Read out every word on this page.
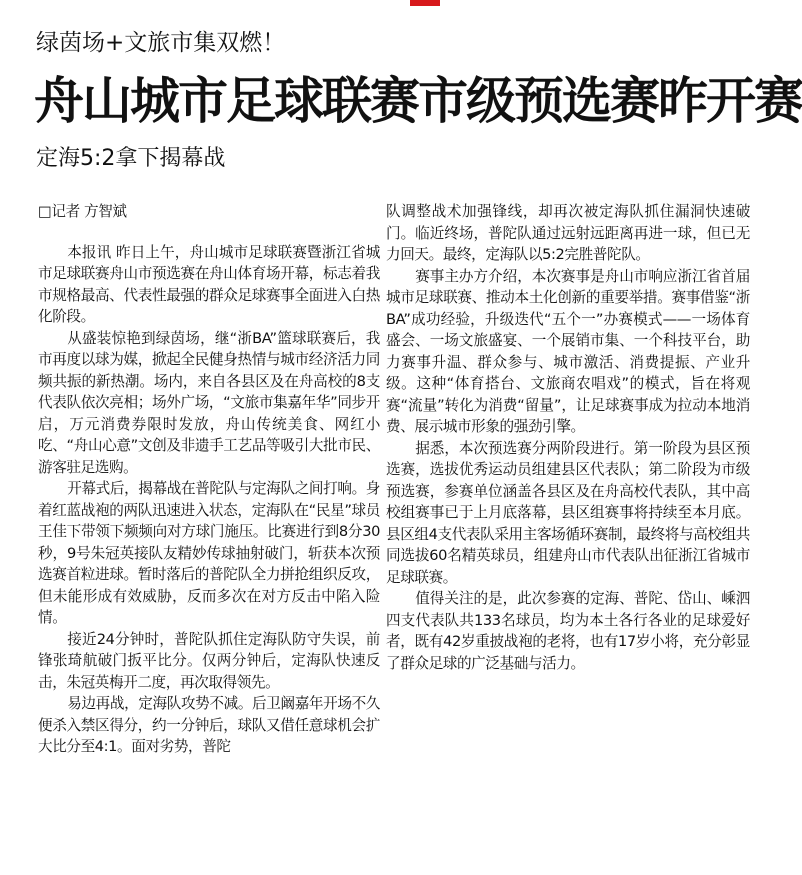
绿茵场+文旅市集双燃！
舟山城市足球联赛市级预选赛昨开赛
定海5:2拿下揭幕战
□记者 方智斌

本报讯 昨日上午，舟山城市足球联赛暨浙江省城市足球联赛舟山市预选赛在舟山体育场开幕，标志着我市规格最高、代表性最强的群众足球赛事全面进入白热化阶段。

从盛装惊艳到绿茵场，继“浙BA”篮球联赛后，我市再度以球为媒，掀起全民健身热情与城市经济活力同频共振的新热潮。场内，来自各县区及在舟高校的8支代表队依次亮相；场外广场，“文旅市集嘉年华”同步开启，万元消费券限时发放，舟山传统美食、网红小吃、“舟山心意”文创及非遗手工艺品等吸引大批市民、游客驻足选购。

开幕式后，揭幕战在普陀队与定海队之间打响。身着红蓝战袍的两队迅速进入状态，定海队在“民星”球员王佳下带领下频频向对方球门施压。比赛进行到8分30秒，9号朱冠英接队友精妙传球抽射破门，斩获本次预选赛首粒进球。暂时落后的普陀队全力拼抢组织反攻，但未能形成有效威胁，反而多次在对方反击中陷入险情。

接近24分钟时，普陀队抓住定海队防守失误，前锋张琦航破门扳平比分。仅两分钟后，定海队快速反击，朱冠英梅开二度，再次取得领先。

易边再战，定海队攻势不减。后卫阚嘉年开场不久便杀入禁区得分，约一分钟后，球队又借任意球机会扩大比分至4:1。面对劣势，普陀

队调整战术加强锋线，却再次被定海队抓住漏洞快速破门。临近终场，普陀队通过远射远距离再进一球，但已无力回天。最终，定海队以5:2完胜普陀队。

赛事主办方介绍，本次赛事是舟山市响应浙江省首届城市足球联赛、推动本土化创新的重要举措。赛事借鉴“浙BA”成功经验，升级迭代“五个一”办赛模式——一场体育盛会、一场文旅盛宴、一个展销市集、一个科技平台，助力赛事升温、群众参与、城市激活、消费提振、产业升级。这种“体育搭台、文旅商农唱戏”的模式，旨在将观赛“流量”转化为消费“留量”，让足球赛事成为拉动本地消费、展示城市形象的强劲引擎。

据悉，本次预选赛分两阶段进行。第一阶段为县区预选赛，选拔优秀运动员组建县区代表队；第二阶段为市级预选赛，参赛单位涵盖各县区及在舟高校代表队，其中高校组赛事已于上月底落幕，县区组赛事将持续至本月底。县区组4支代表队采用主客场循环赛制，最终将与高校组共同选拔60名精英球员，组建舟山市代表队出征浙江省城市足球联赛。

值得关注的是，此次参赛的定海、普陀、岱山、嵊泗四支代表队共133名球员，均为本土各行各业的足球爱好者，既有42岁重披战袍的老将，也有17岁小将，充分彰显了群众足球的广泛基础与活力。
